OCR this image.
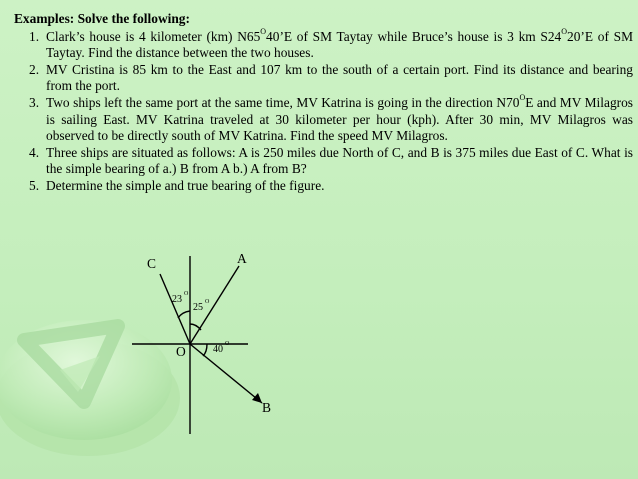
Examples: Solve the following:
1. Clark’s house is 4 kilometer (km) $N65^O40’E$ of SM Taytay while Bruce’s house is 3 km $S24^O20’E$ of SM Taytay. Find the distance between the two houses.
2. MV Cristina is 85 km to the East and 107 km to the south of a certain port. Find its distance and bearing from the port.
3. Two ships left the same port at the same time, MV Katrina is going in the direction $N70^OE$ and MV Milagros is sailing East. MV Katrina traveled at 30 kilometer per hour (kph). After 30 min, MV Milagros was observed to be directly south of MV Katrina. Find the speed MV Milagros.
4. Three ships are situated as follows: A is 250 miles due North of C, and B is 375 miles due East of C. What is the simple bearing of a.) B from A b.) A from B?
5. Determine the simple and true bearing of the figure.
C	A
O
B
23 O
25 O
40 O
